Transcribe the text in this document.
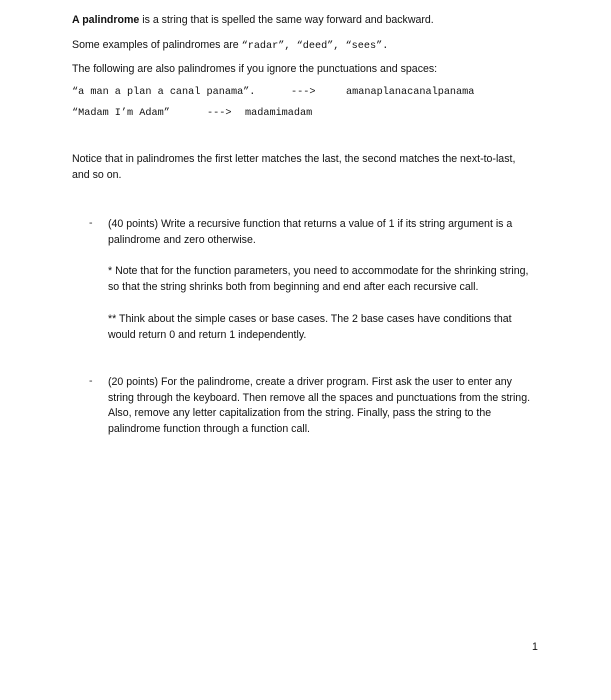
A palindrome is a string that is spelled the same way forward and backward.
Some examples of palindromes are “radar”, “deed”, “sees”.
The following are also palindromes if you ignore the punctuations and spaces:
“a man a plan a canal panama”.	--->	amanaplanacanalpanama
“Madam I’m Adam”	---> madamimadam
Notice that in palindromes the first letter matches the last, the second matches the next-to-last, and so on.
- (40 points) Write a recursive function that returns a value of 1 if its string argument is a palindrome and zero otherwise.
* Note that for the function parameters, you need to accommodate for the shrinking string, so that the string shrinks both from beginning and end after each recursive call.
** Think about the simple cases or base cases. The 2 base cases have conditions that would return 0 and return 1 independently.
- (20 points) For the palindrome, create a driver program. First ask the user to enter any string through the keyboard. Then remove all the spaces and punctuations from the string. Also, remove any letter capitalization from the string. Finally, pass the string to the palindrome function through a function call.
1
